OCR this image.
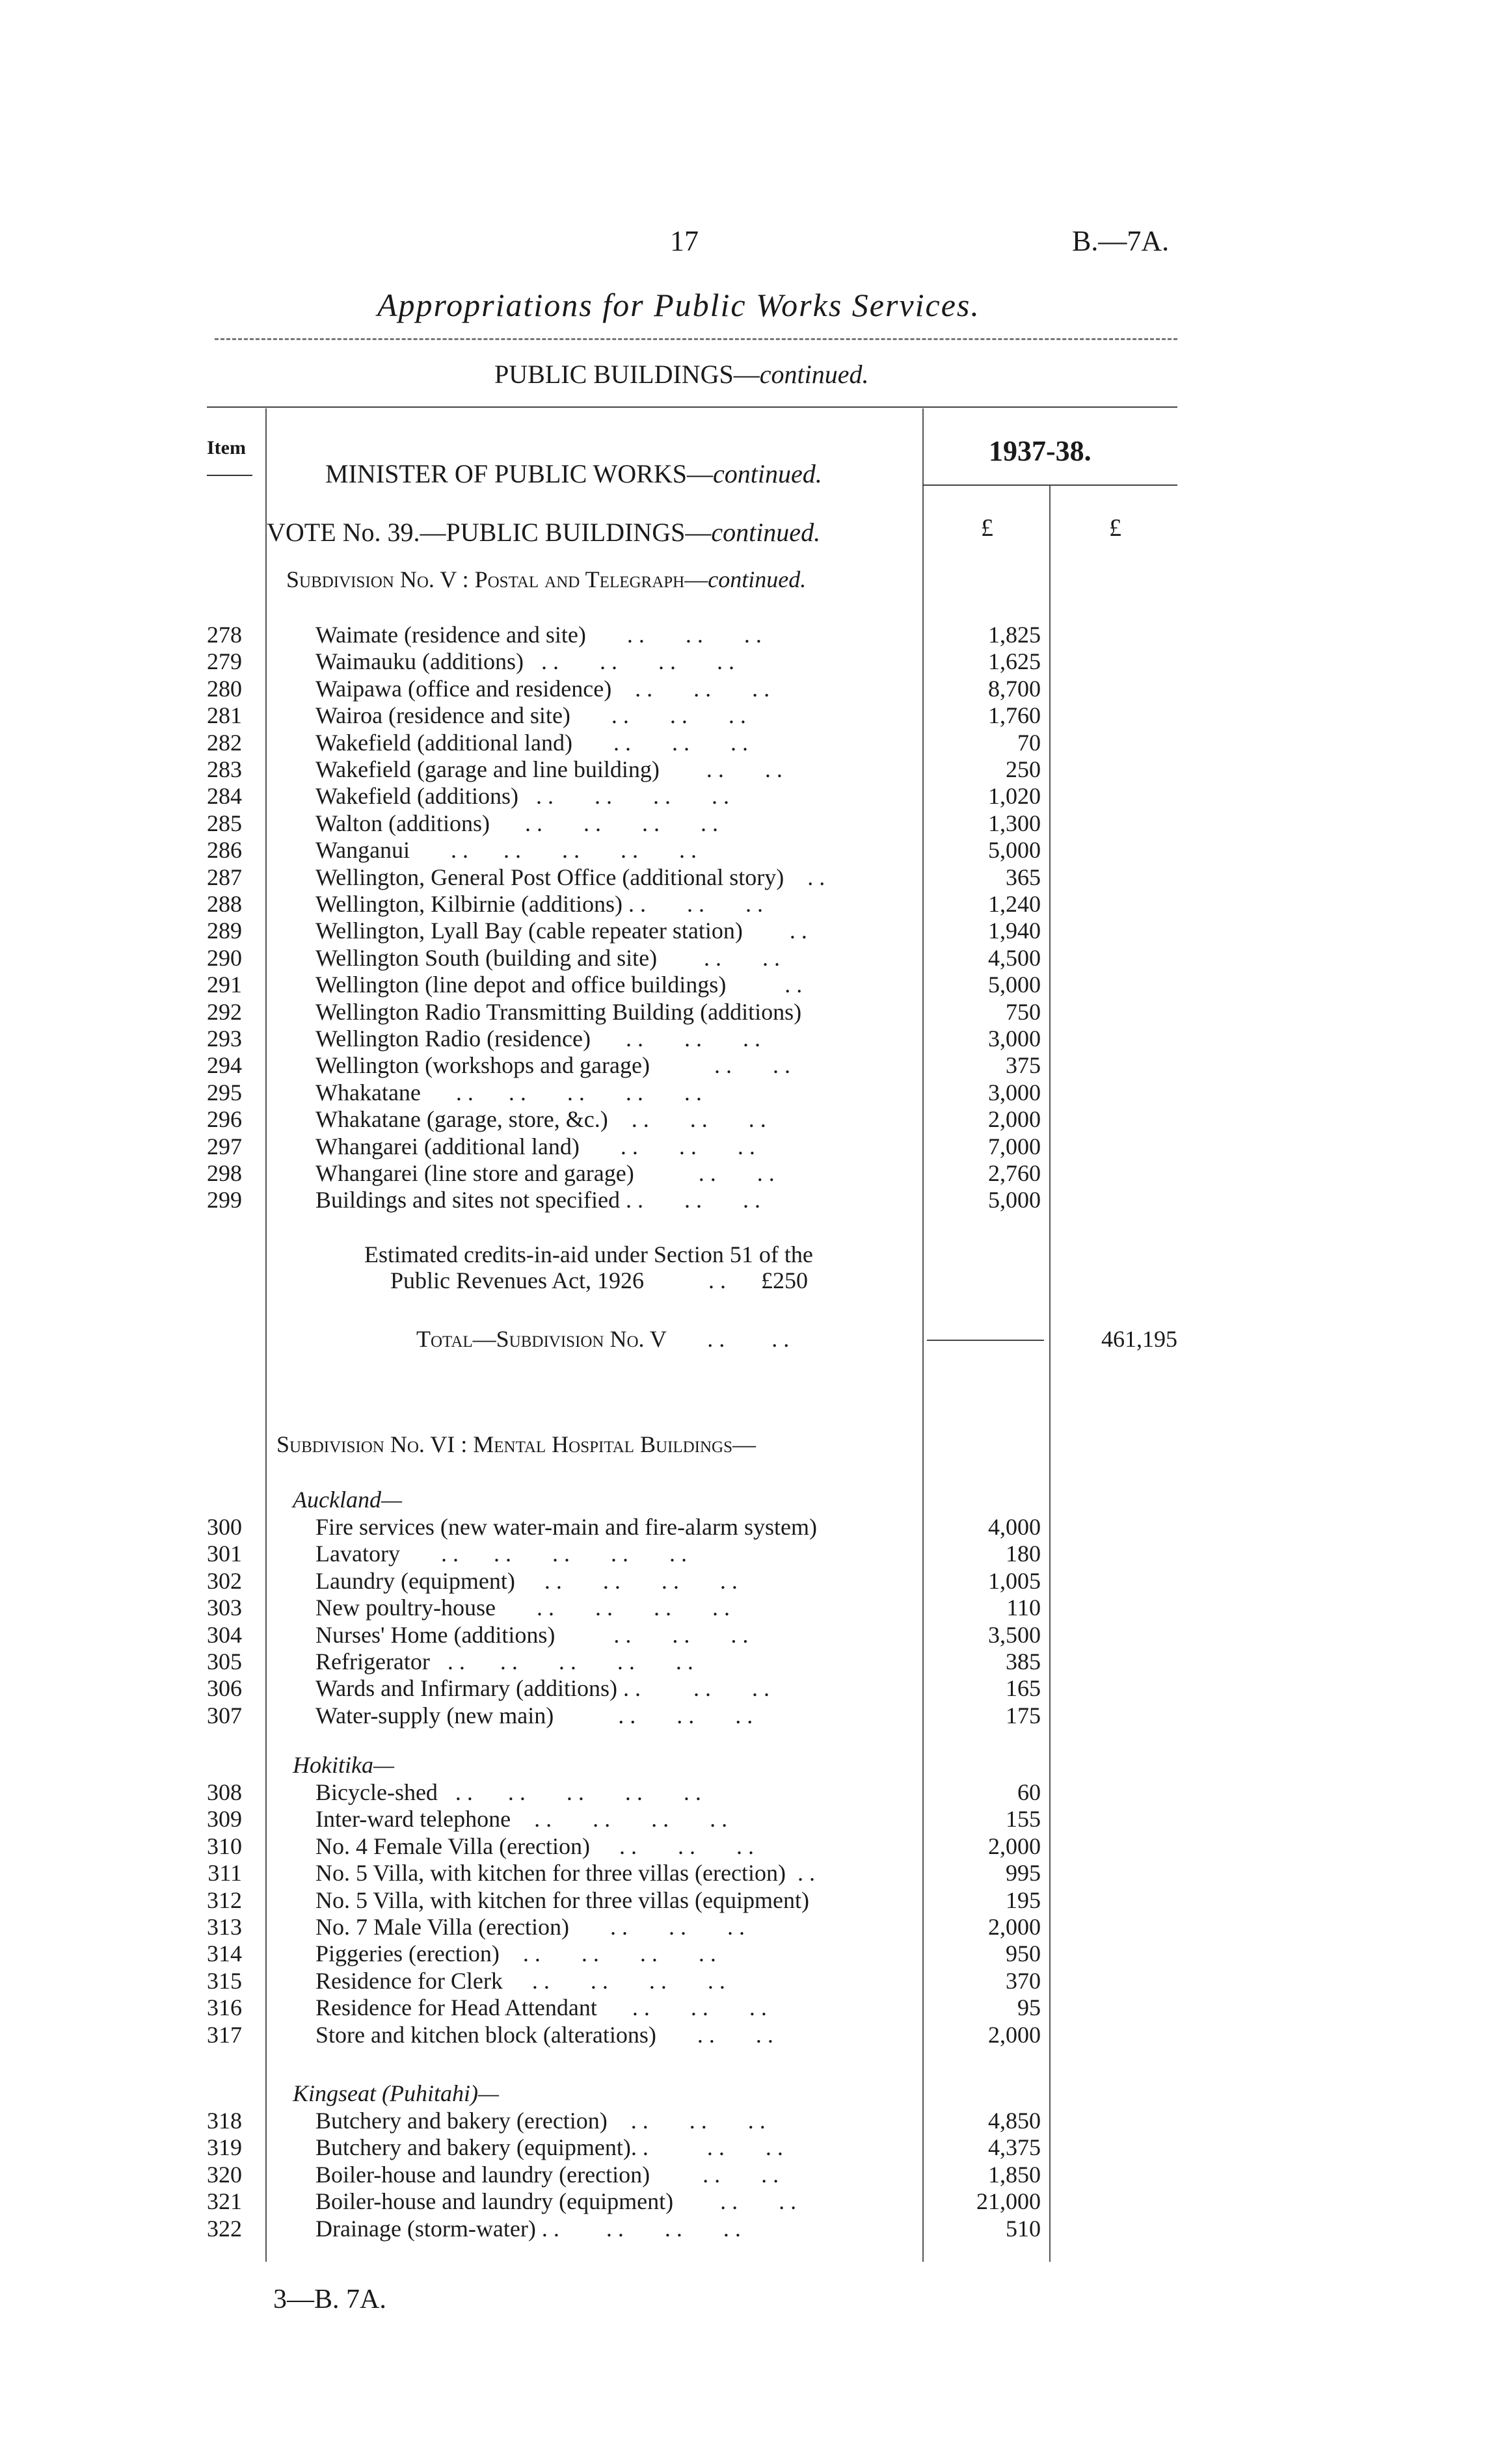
17	B.—7A.
Appropriations for Public Works Services.
PUBLIC BUILDINGS—continued.
Item
MINISTER OF PUBLIC WORKS—continued.
VOTE No. 39.—PUBLIC BUILDINGS—continued.
1937-38.
£	£
Subdivision No. V : Postal and Telegraph—continued.
278	Waimate (residence and site)       . .       . .       . .	1,825
279	Waimauku (additions)   . .       . .       . .       . .	1,625
280	Waipawa (office and residence)    . .       . .       . .	8,700
281	Wairoa (residence and site)       . .       . .       . .	1,760
282	Wakefield (additional land)       . .       . .       . .	70
283	Wakefield (garage and line building)        . .       . .	250
284	Wakefield (additions)   . .       . .       . .       . .	1,020
285	Walton (additions)      . .       . .       . .       . .	1,300
286	Wanganui       . .      . .       . .       . .       . .	5,000
287	Wellington, General Post Office (additional story)    . .	365
288	Wellington, Kilbirnie (additions) . .       . .       . .	1,240
289	Wellington, Lyall Bay (cable repeater station)        . .	1,940
290	Wellington South (building and site)        . .       . .	4,500
291	Wellington (line depot and office buildings)          . .	5,000
292	Wellington Radio Transmitting Building (additions)	750
293	Wellington Radio (residence)      . .       . .       . .	3,000
294	Wellington (workshops and garage)           . .       . .	375
295	Whakatane      . .      . .       . .       . .       . .	3,000
296	Whakatane (garage, store, &c.)    . .       . .       . .	2,000
297	Whangarei (additional land)       . .       . .       . .	7,000
298	Whangarei (line store and garage)           . .       . .	2,760
299	Buildings and sites not specified . .       . .       . .	5,000
Estimated credits-in-aid under Section 51 of the
Public Revenues Act, 1926           . .      £250
Total—Subdivision No. V       . .        . .	461,195
Subdivision No. VI : Mental Hospital Buildings—
Auckland—
300	Fire services (new water-main and fire-alarm system)	4,000
301	Lavatory       . .      . .       . .       . .       . .	180
302	Laundry (equipment)     . .       . .       . .       . .	1,005
303	New poultry-house       . .       . .       . .       . .	110
304	Nurses' Home (additions)          . .       . .       . .	3,500
305	Refrigerator   . .      . .       . .       . .       . .	385
306	Wards and Infirmary (additions) . .         . .       . .	165
307	Water-supply (new main)           . .       . .       . .	175
Hokitika—
308	Bicycle-shed   . .      . .       . .       . .       . .	60
309	Inter-ward telephone    . .       . .       . .       . .	155
310	No. 4 Female Villa (erection)     . .       . .       . .	2,000
311	No. 5 Villa, with kitchen for three villas (erection)  . .	995
312	No. 5 Villa, with kitchen for three villas (equipment)	195
313	No. 7 Male Villa (erection)       . .       . .       . .	2,000
314	Piggeries (erection)    . .       . .       . .       . .	950
315	Residence for Clerk     . .       . .       . .       . .	370
316	Residence for Head Attendant      . .       . .       . .	95
317	Store and kitchen block (alterations)       . .       . .	2,000
Kingseat (Puhitahi)—
318	Butchery and bakery (erection)    . .       . .       . .	4,850
319	Butchery and bakery (equipment). .          . .       . .	4,375
320	Boiler-house and laundry (erection)         . .       . .	1,850
321	Boiler-house and laundry (equipment)        . .       . .	21,000
322	Drainage (storm-water) . .        . .       . .       . .	510
3—B. 7A.
